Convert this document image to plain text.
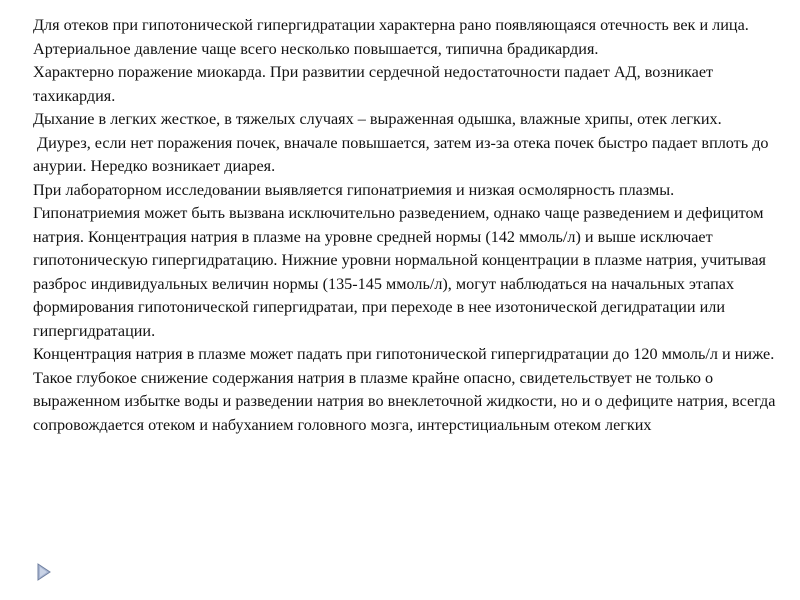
Для отеков при гипотонической гипергидратации характерна рано появляющаяся отечность век и лица.

Артериальное давление чаще всего несколько повышается, типична брадикардия.

Характерно поражение миокарда. При развитии сердечной недостаточности падает АД, возникает тахикардия.

Дыхание в легких жесткое, в тяжелых случаях – выраженная одышка, влажные хрипы, отек легких.

Диурез, если нет поражения почек, вначале повышается, затем из-за отека почек быстро падает вплоть до анурии. Нередко возникает диарея.

При лабораторном исследовании выявляется гипонатриемия и низкая осмолярность плазмы.

Гипонатриемия может быть вызвана исключительно разведением, однако чаще разведением и дефицитом натрия. Концентрация натрия в плазме на уровне средней нормы (142 ммоль/л) и выше исключает гипотоническую гипергидратацию. Нижние уровни нормальной концентрации в плазме натрия, учитывая разброс индивидуальных величин нормы (135-145 ммоль/л), могут наблюдаться на начальных этапах формирования гипотонической гипергидратаи, при переходе в нее изотонической дегидратации или гипергидратации.

Концентрация натрия в плазме может падать при гипотонической гипергидратации до 120 ммоль/л и ниже. Такое глубокое снижение содержания натрия в плазме крайне опасно, свидетельствует не только о выраженном избытке воды и разведении натрия во внеклеточной жидкости, но и о дефиците натрия, всегда сопровождается отеком и набуханием головного мозга, интерстициальным отеком легких
